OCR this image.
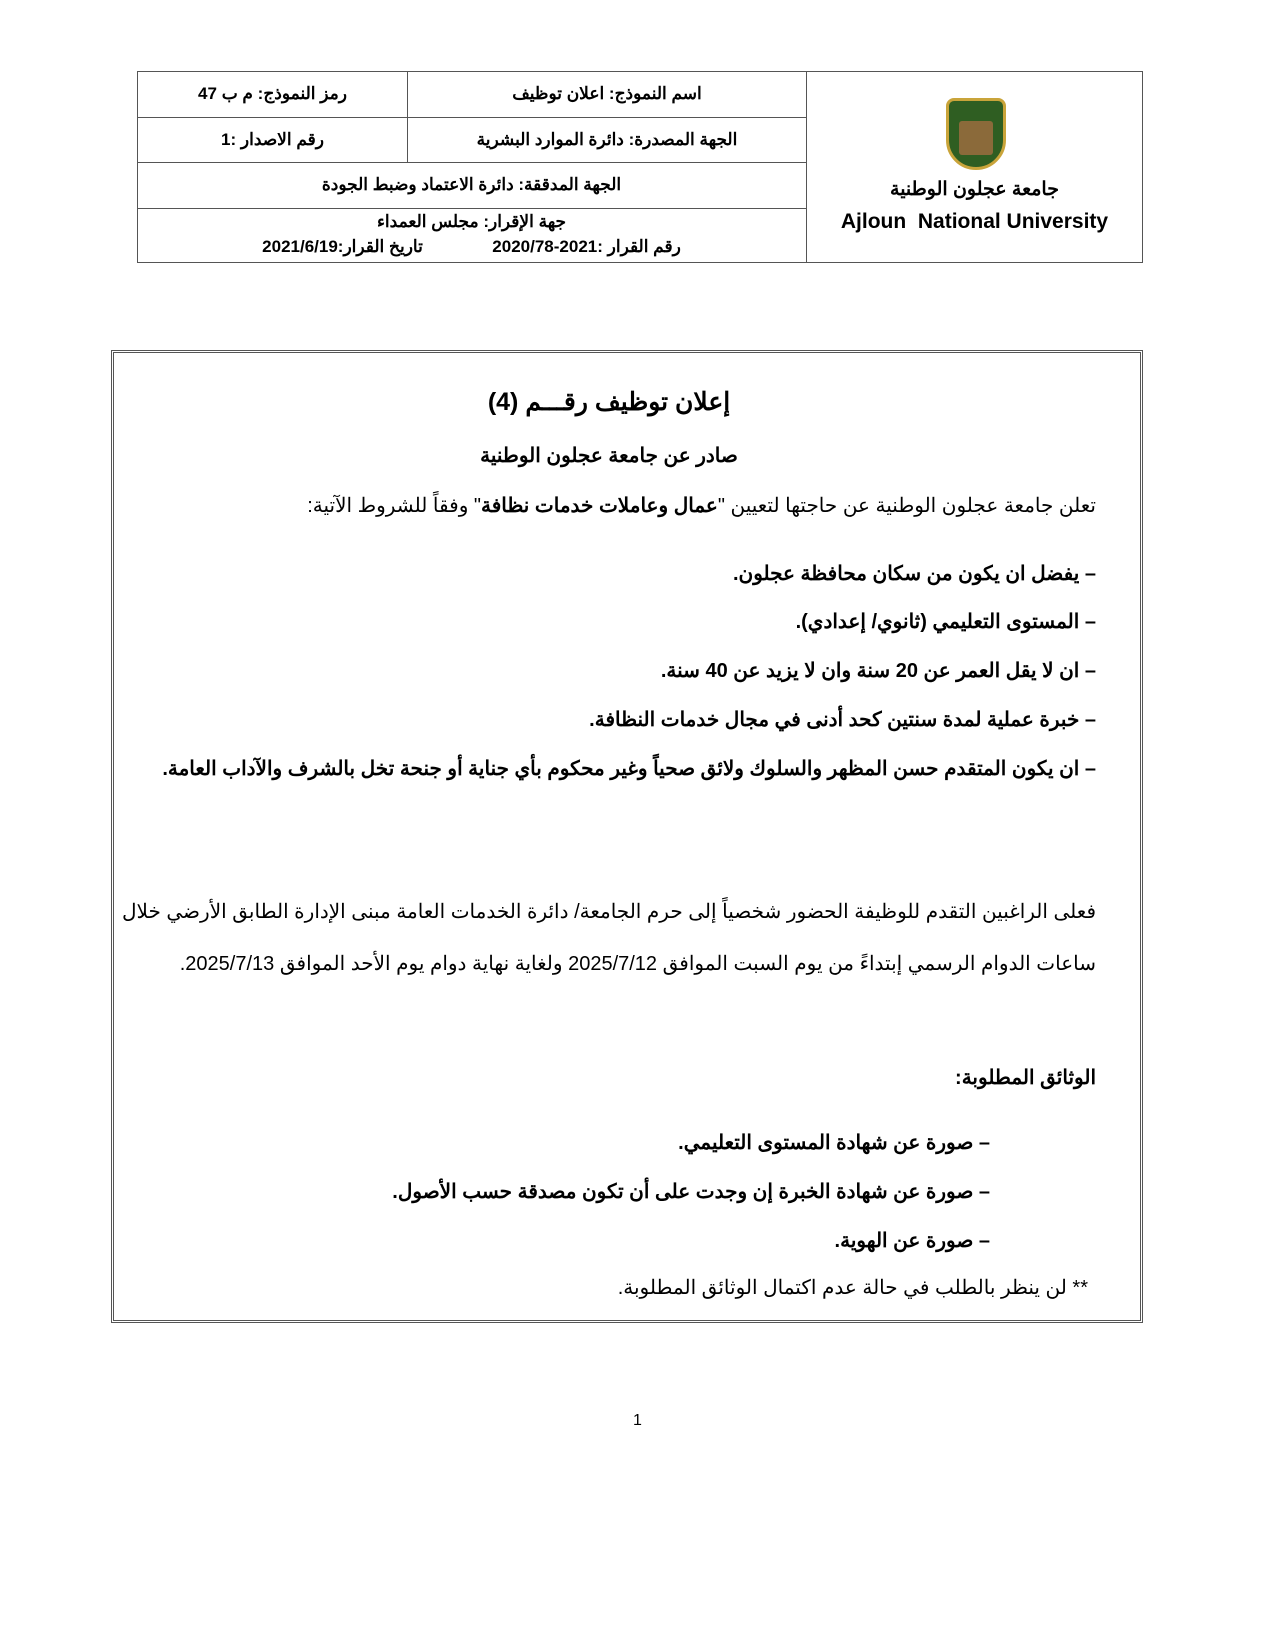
جامعة عجلون الوطنية
Ajloun  National University
اسم النموذج: اعلان توظيف
رمز النموذج: م ب 47
الجهة المصدرة: دائرة الموارد البشرية
رقم الاصدار :1
الجهة المدققة: دائرة الاعتماد وضبط الجودة
جهة الإقرار: مجلس العمداء
رقم القرار :2021-2020/78  تاريخ القرار:2021/6/19
إعلان توظيف رقـــم (4)
صادر عن جامعة عجلون الوطنية
تعلن جامعة عجلون الوطنية عن حاجتها لتعيين "عمال وعاملات خدمات نظافة" وفقاً للشروط الآتية:
– يفضل ان يكون من سكان محافظة عجلون.
– المستوى التعليمي (ثانوي/ إعدادي).
– ان لا يقل العمر عن 20 سنة وان لا يزيد عن 40 سنة.
– خبرة عملية لمدة سنتين كحد أدنى في مجال خدمات النظافة.
– ان يكون المتقدم حسن المظهر والسلوك ولائق صحياً وغير محكوم بأي جناية أو جنحة تخل بالشرف والآداب العامة.
فعلى الراغبين التقدم للوظيفة الحضور شخصياً إلى حرم الجامعة/ دائرة الخدمات العامة مبنى الإدارة الطابق الأرضي خلال ساعات الدوام الرسمي إبتداءً من يوم السبت الموافق 2025/7/12 ولغاية نهاية دوام يوم الأحد الموافق 2025/7/13.
الوثائق المطلوبة:
– صورة عن شهادة المستوى التعليمي.
– صورة عن شهادة الخبرة إن وجدت على أن تكون مصدقة حسب الأصول.
– صورة عن الهوية.
** لن ينظر بالطلب في حالة عدم اكتمال الوثائق المطلوبة.
1
